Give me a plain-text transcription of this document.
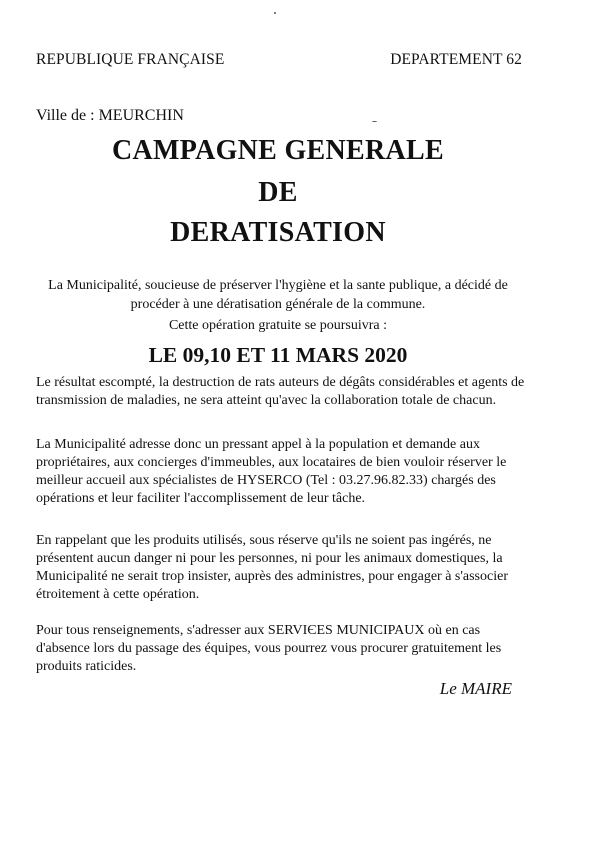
REPUBLIQUE FRANÇAISE	DEPARTEMENT 62
Ville de : MEURCHIN
CAMPAGNE GENERALE
DE
DERATISATION
La Municipalité, soucieuse de préserver l'hygiène et la sante publique, a décidé de procéder à une dératisation générale de la commune.
Cette opération gratuite se poursuivra :
LE 09,10 ET 11 MARS 2020
Le résultat escompté, la destruction de rats auteurs de dégâts considérables et agents de transmission de maladies, ne sera atteint qu'avec la collaboration totale de chacun.
La Municipalité adresse donc un pressant appel à la population et demande aux propriétaires, aux concierges d'immeubles, aux locataires de bien vouloir réserver le meilleur accueil aux spécialistes de HYSERCO (Tel : 03.27.96.82.33) chargés des opérations et leur faciliter l'accomplissement de leur tâche.
En rappelant que les produits utilisés, sous réserve qu'ils ne soient pas ingérés, ne présentent aucun danger ni pour les personnes, ni pour les animaux domestiques, la Municipalité ne serait trop insister, auprès des administres, pour engager à s'associer étroitement à cette opération.
Pour tous renseignements, s'adresser aux SERVIЄES MUNICIPAUX où en cas d'absence lors du passage des équipes, vous pourrez vous procurer gratuitement les produits raticides.
Le MAIRE
